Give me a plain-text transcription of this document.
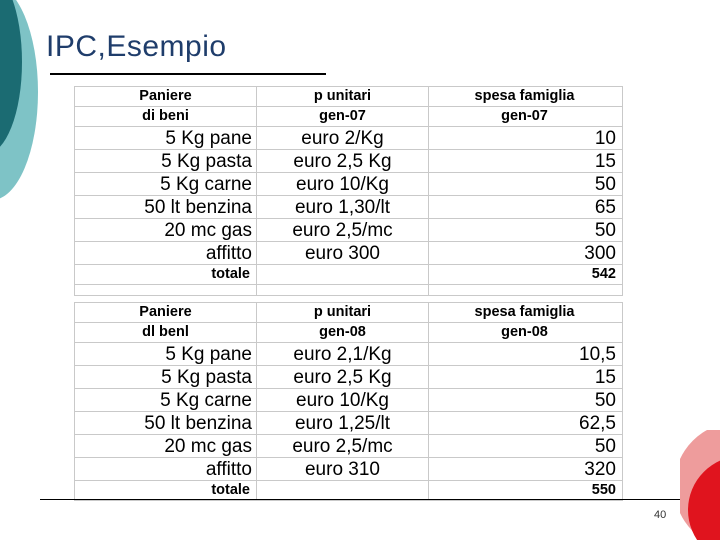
IPC,Esempio
Paniere	p unitari	spesa famiglia
di beni	gen-07	gen-07
5 Kg pane	euro 2/Kg	10
5 Kg pasta	euro 2,5 Kg	15
5 Kg carne	euro 10/Kg	50
50 lt benzina	euro 1,30/lt	65
20 mc gas	euro 2,5/mc	50
affitto	euro 300	300
totale		542

Paniere	p unitari	spesa famiglia
dl benl	gen-08	gen-08
5 Kg pane	euro 2,1/Kg	10,5
5 Kg pasta	euro 2,5 Kg	15
5 Kg carne	euro 10/Kg	50
50 lt benzina	euro 1,25/lt	62,5
20 mc gas	euro 2,5/mc	50
affitto	euro 310	320
totale		550
40
